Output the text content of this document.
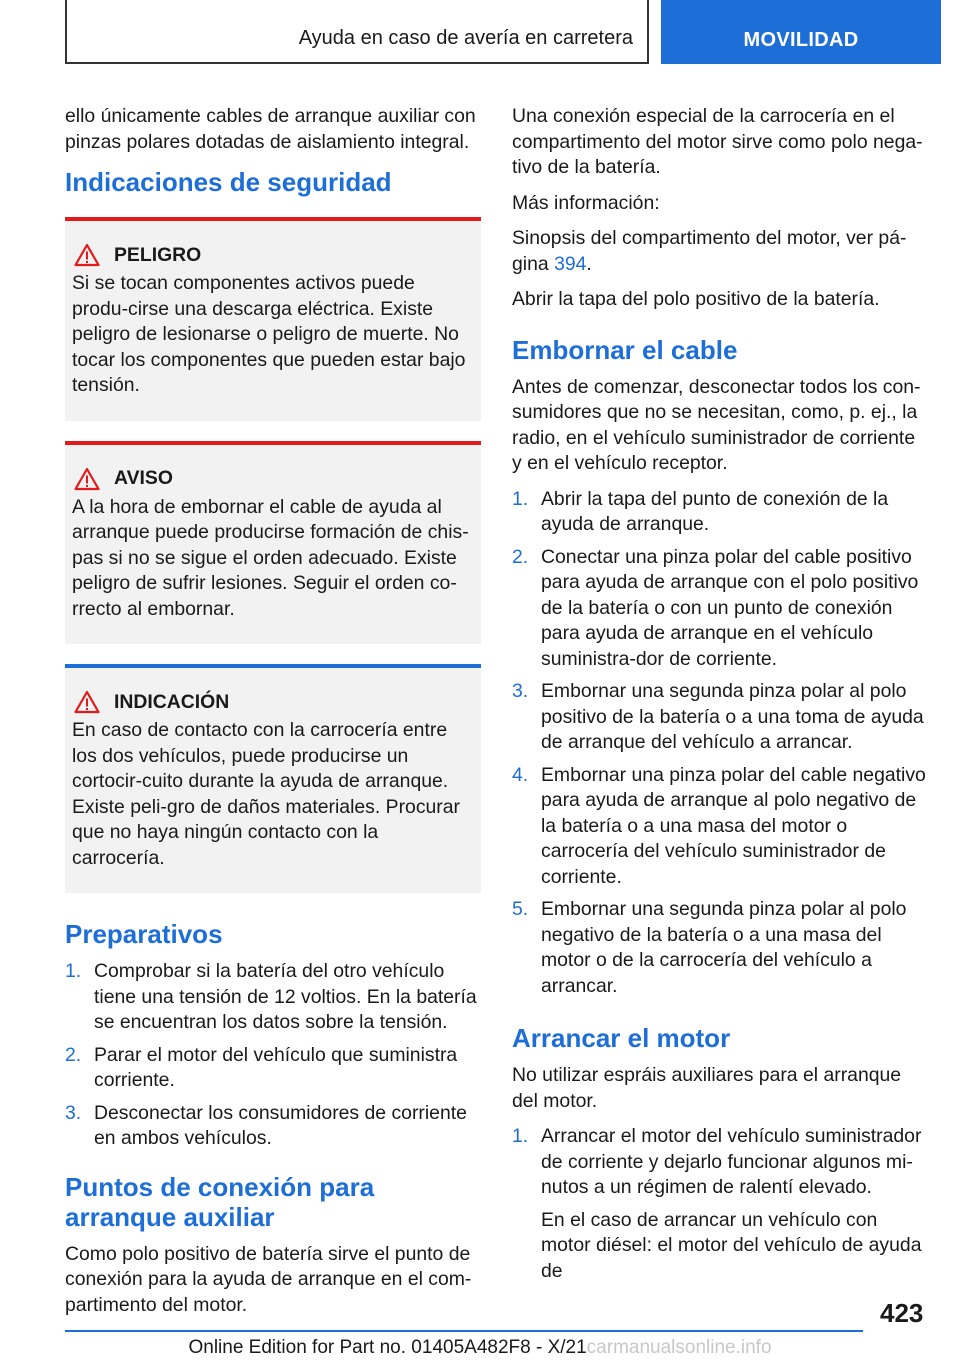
Ayuda en caso de avería en carretera	MOVILIDAD

ello únicamente cables de arranque auxiliar con pinzas polares dotadas de aislamiento integral.

Indicaciones de seguridad
PELIGRO
Si se tocan componentes activos puede produ-cirse una descarga eléctrica. Existe peligro de lesionarse o peligro de muerte. No tocar los componentes que pueden estar bajo tensión.
AVISO
A la hora de embornar el cable de ayuda al arranque puede producirse formación de chis-pas si no se sigue el orden adecuado. Existe peligro de sufrir lesiones. Seguir el orden co-rrecto al embornar.
INDICACIÓN
En caso de contacto con la carrocería entre los dos vehículos, puede producirse un cortocir-cuito durante la ayuda de arranque. Existe peli-gro de daños materiales. Procurar que no haya ningún contacto con la carrocería.
Preparativos
1. Comprobar si la batería del otro vehículo tiene una tensión de 12 voltios. En la batería se encuentran los datos sobre la tensión.
2. Parar el motor del vehículo que suministra corriente.
3. Desconectar los consumidores de corriente en ambos vehículos.
Puntos de conexión para arranque auxiliar

Como polo positivo de batería sirve el punto de conexión para la ayuda de arranque en el com-partimento del motor.

Una conexión especial de la carrocería en el compartimento del motor sirve como polo nega-tivo de la batería.

Más información:

Sinopsis del compartimento del motor, ver pá-gina 394.

Abrir la tapa del polo positivo de la batería.

Embornar el cable

Antes de comenzar, desconectar todos los con-sumidores que no se necesitan, como, p. ej., la radio, en el vehículo suministrador de corriente y en el vehículo receptor.

1. Abrir la tapa del punto de conexión de la ayuda de arranque.
2. Conectar una pinza polar del cable positivo para ayuda de arranque con el polo positivo de la batería o con un punto de conexión para ayuda de arranque en el vehículo suministra-dor de corriente.
3. Embornar una segunda pinza polar al polo positivo de la batería o a una toma de ayuda de arranque del vehículo a arrancar.
4. Embornar una pinza polar del cable negativo para ayuda de arranque al polo negativo de la batería o a una masa del motor o carrocería del vehículo suministrador de corriente.
5. Embornar una segunda pinza polar al polo negativo de la batería o a una masa del motor o de la carrocería del vehículo a arrancar.
Arrancar el motor

No utilizar espráis auxiliares para el arranque del motor.

1. Arrancar el motor del vehículo suministrador de corriente y dejarlo funcionar algunos mi-nutos a un régimen de ralentí elevado.
En el caso de arrancar un vehículo con motor diésel: el motor del vehículo de ayuda de
423
Online Edition for Part no. 01405A482F8 - X/21carmanualsonline.info
